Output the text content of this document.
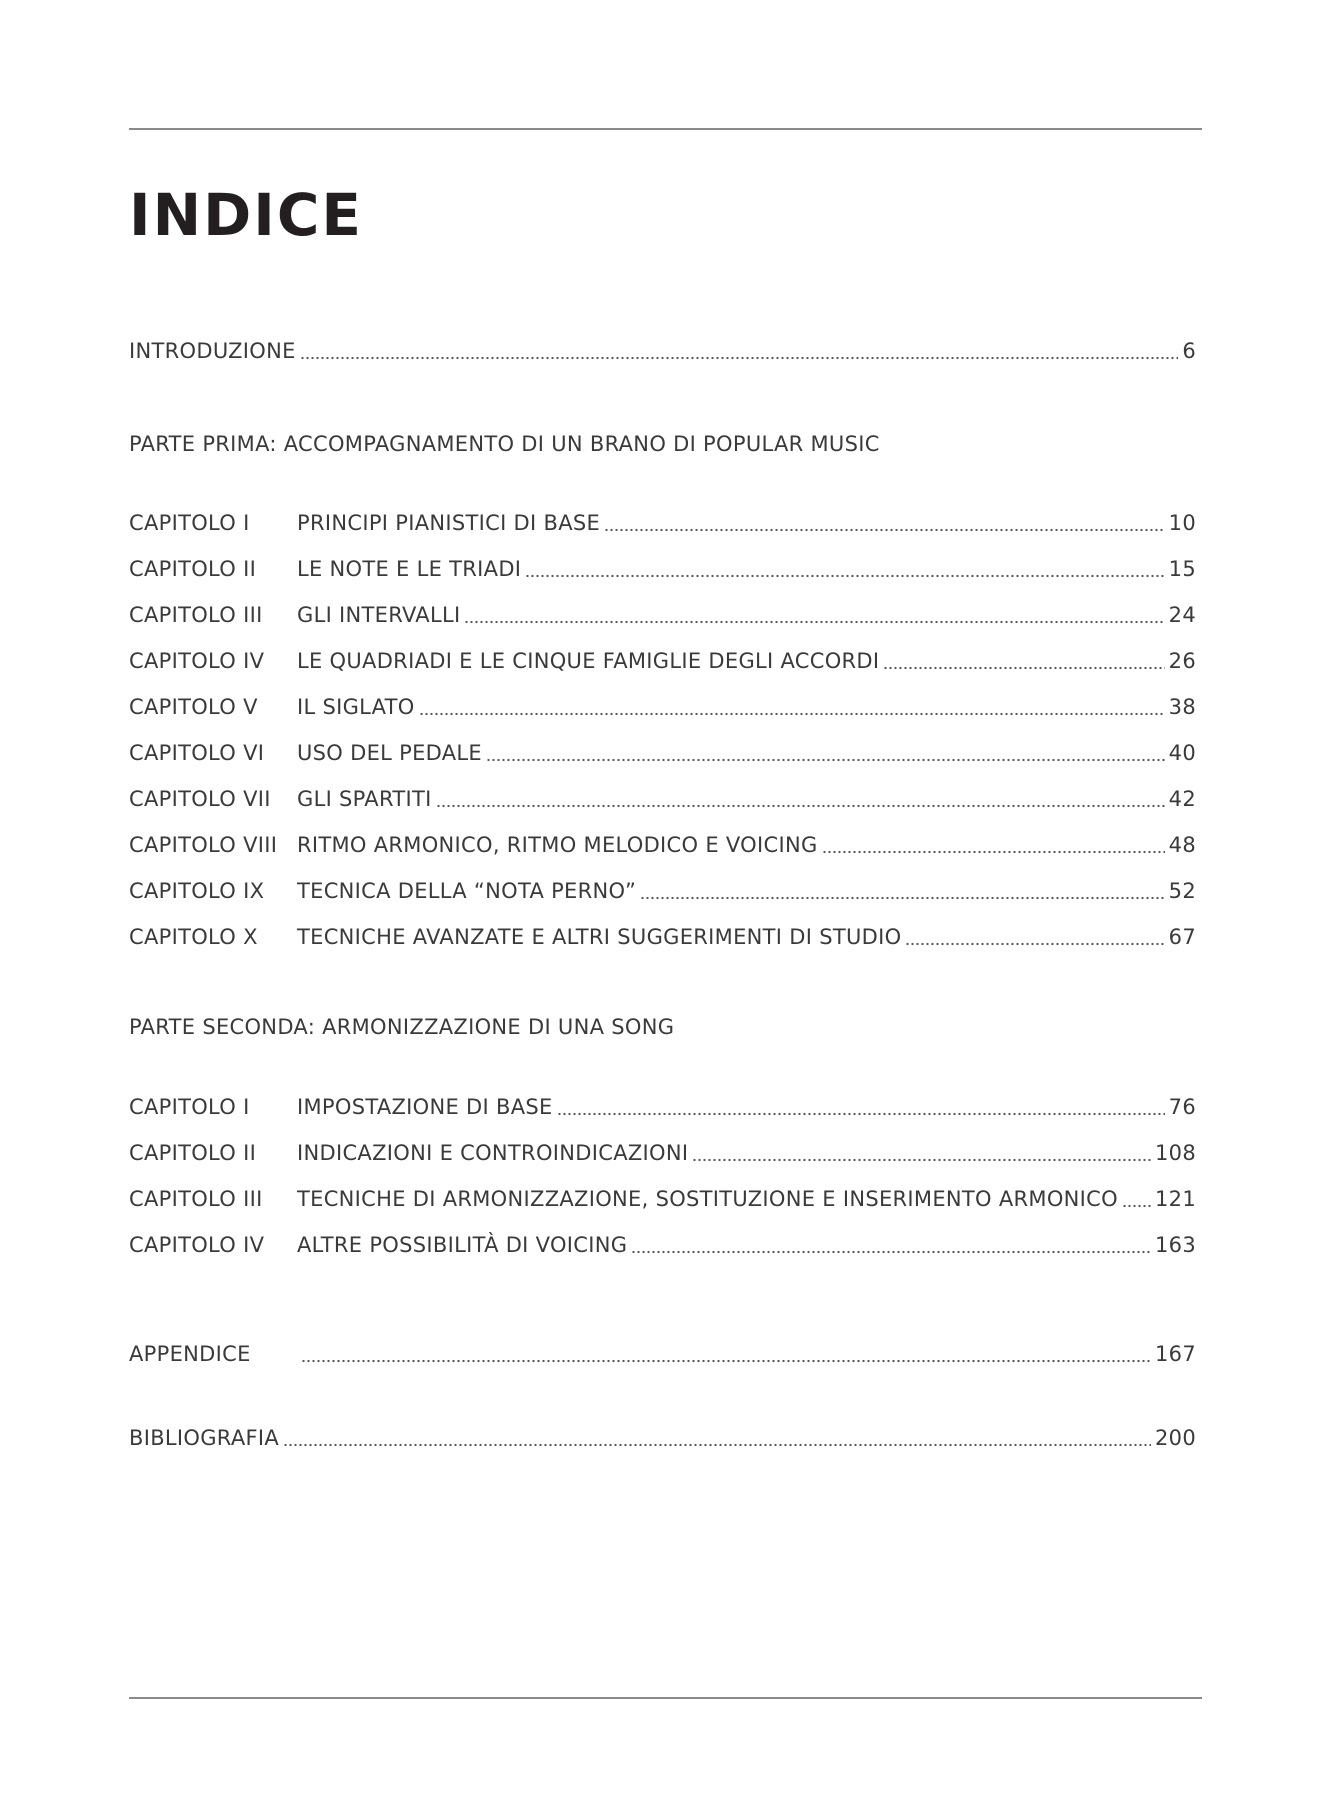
INDICE
INTRODUZIONE	6
PARTE PRIMA: ACCOMPAGNAMENTO DI UN BRANO DI POPULAR MUSIC
CAPITOLO I	PRINCIPI PIANISTICI DI BASE	10
CAPITOLO II	LE NOTE E LE TRIADI	15
CAPITOLO III	GLI INTERVALLI	24
CAPITOLO IV	LE QUADRIADI E LE CINQUE FAMIGLIE DEGLI ACCORDI	26
CAPITOLO V	IL SIGLATO	38
CAPITOLO VI	USO DEL PEDALE	40
CAPITOLO VII	GLI SPARTITI	42
CAPITOLO VIII RITMO ARMONICO, RITMO MELODICO E VOICING	48
CAPITOLO IX	TECNICA DELLA “NOTA PERNO”	52
CAPITOLO X	TECNICHE AVANZATE E ALTRI SUGGERIMENTI DI STUDIO	67
PARTE SECONDA: ARMONIZZAZIONE DI UNA SONG
CAPITOLO I	IMPOSTAZIONE DI BASE	76
CAPITOLO II	INDICAZIONI E CONTROINDICAZIONI	108
CAPITOLO III	TECNICHE DI ARMONIZZAZIONE, SOSTITUZIONE E INSERIMENTO ARMONICO 121
CAPITOLO IV	ALTRE POSSIBILITÀ DI VOICING	163
APPENDICE	167
BIBLIOGRAFIA	200
